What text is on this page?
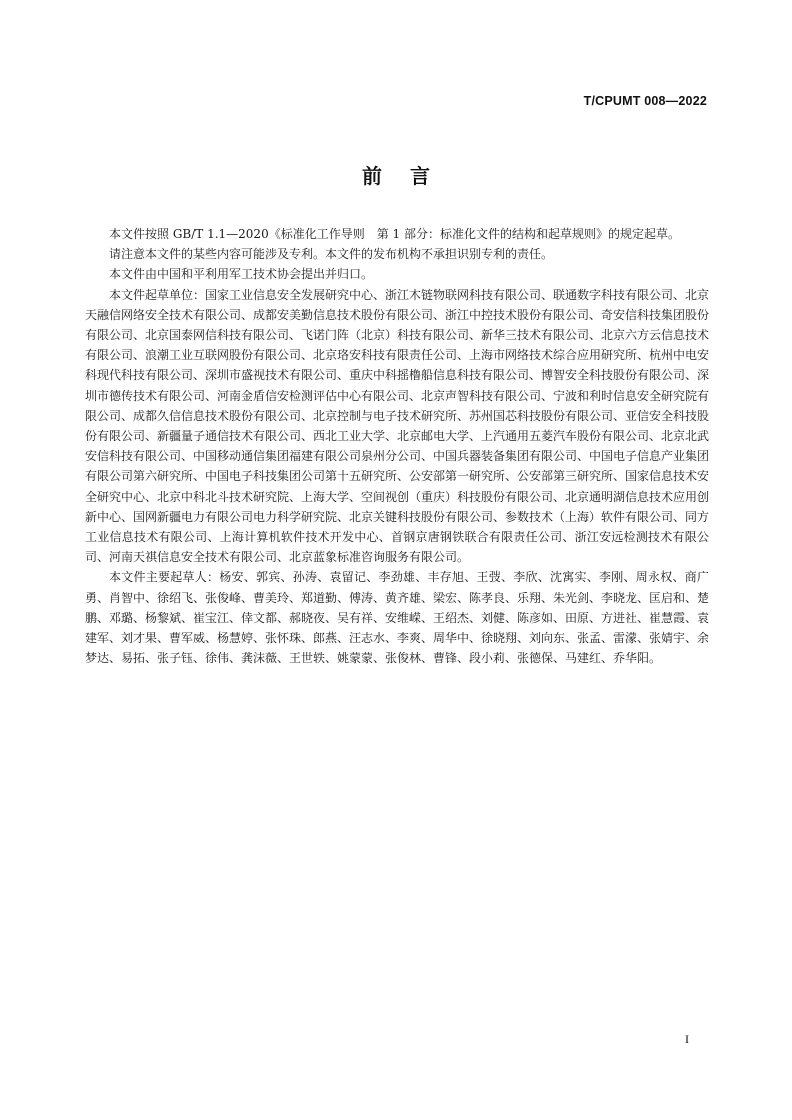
T/CPUMT 008—2022
前言

本文件按照 GB/T 1.1—2020《标准化工作导则　第 1 部分：标准化文件的结构和起草规则》的规定起草。

请注意本文件的某些内容可能涉及专利。本文件的发布机构不承担识别专利的责任。

本文件由中国和平利用军工技术协会提出并归口。

本文件起草单位：国家工业信息安全发展研究中心、浙江木链物联网科技有限公司、联通数字科技有限公司、北京天融信网络安全技术有限公司、成都安美勤信息技术股份有限公司、浙江中控技术股份有限公司、奇安信科技集团股份有限公司、北京国泰网信科技有限公司、飞诺门阵（北京）科技有限公司、新华三技术有限公司、北京六方云信息技术有限公司、浪潮工业互联网股份有限公司、北京珞安科技有限责任公司、上海市网络技术综合应用研究所、杭州中电安科现代科技有限公司、深圳市盛视技术有限公司、重庆中科摇橹船信息科技有限公司、博智安全科技股份有限公司、深圳市德传技术有限公司、河南金盾信安检测评估中心有限公司、北京声智科技有限公司、宁波和利时信息安全研究院有限公司、成都久信信息技术股份有限公司、北京控制与电子技术研究所、苏州国芯科技股份有限公司、亚信安全科技股份有限公司、新疆量子通信技术有限公司、西北工业大学、北京邮电大学、上汽通用五菱汽车股份有限公司、北京北武安信科技有限公司、中国移动通信集团福建有限公司泉州分公司、中国兵器装备集团有限公司、中国电子信息产业集团有限公司第六研究所、中国电子科技集团公司第十五研究所、公安部第一研究所、公安部第三研究所、国家信息技术安全研究中心、北京中科北斗技术研究院、上海大学、空间视创（重庆）科技股份有限公司、北京通明湖信息技术应用创新中心、国网新疆电力有限公司电力科学研究院、北京关键科技股份有限公司、参数技术（上海）软件有限公司、同方工业信息技术有限公司、上海计算机软件技术开发中心、首钢京唐钢铁联合有限责任公司、浙江安远检测技术有限公司、河南天祺信息安全技术有限公司、北京蓝象标准咨询服务有限公司。

本文件主要起草人：杨安、郭宾、孙涛、袁留记、李劲雄、丰存旭、王弢、李欣、沈寓实、李刚、周永权、商广勇、肖智中、徐绍飞、张俊峰、曹美玲、郑道勤、傅涛、黄齐雄、梁宏、陈孝良、乐翔、朱光剑、李晓龙、匡启和、楚鹏、邓璐、杨黎斌、崔宝江、倖文都、郝晓夜、吴有祥、安维嵘、王绍杰、刘健、陈彦如、田原、方进社、崔慧霞、袁建军、刘才果、曹军威、杨慧婷、张怀珠、郎燕、汪志水、李爽、周华中、徐晓翔、刘向东、张孟、雷濛、张婧宇、余梦达、易拓、张子钰、徐伟、龚沫薇、王世轶、姚蒙蒙、张俊林、曹锋、段小莉、张德保、马建红、乔华阳。

I
